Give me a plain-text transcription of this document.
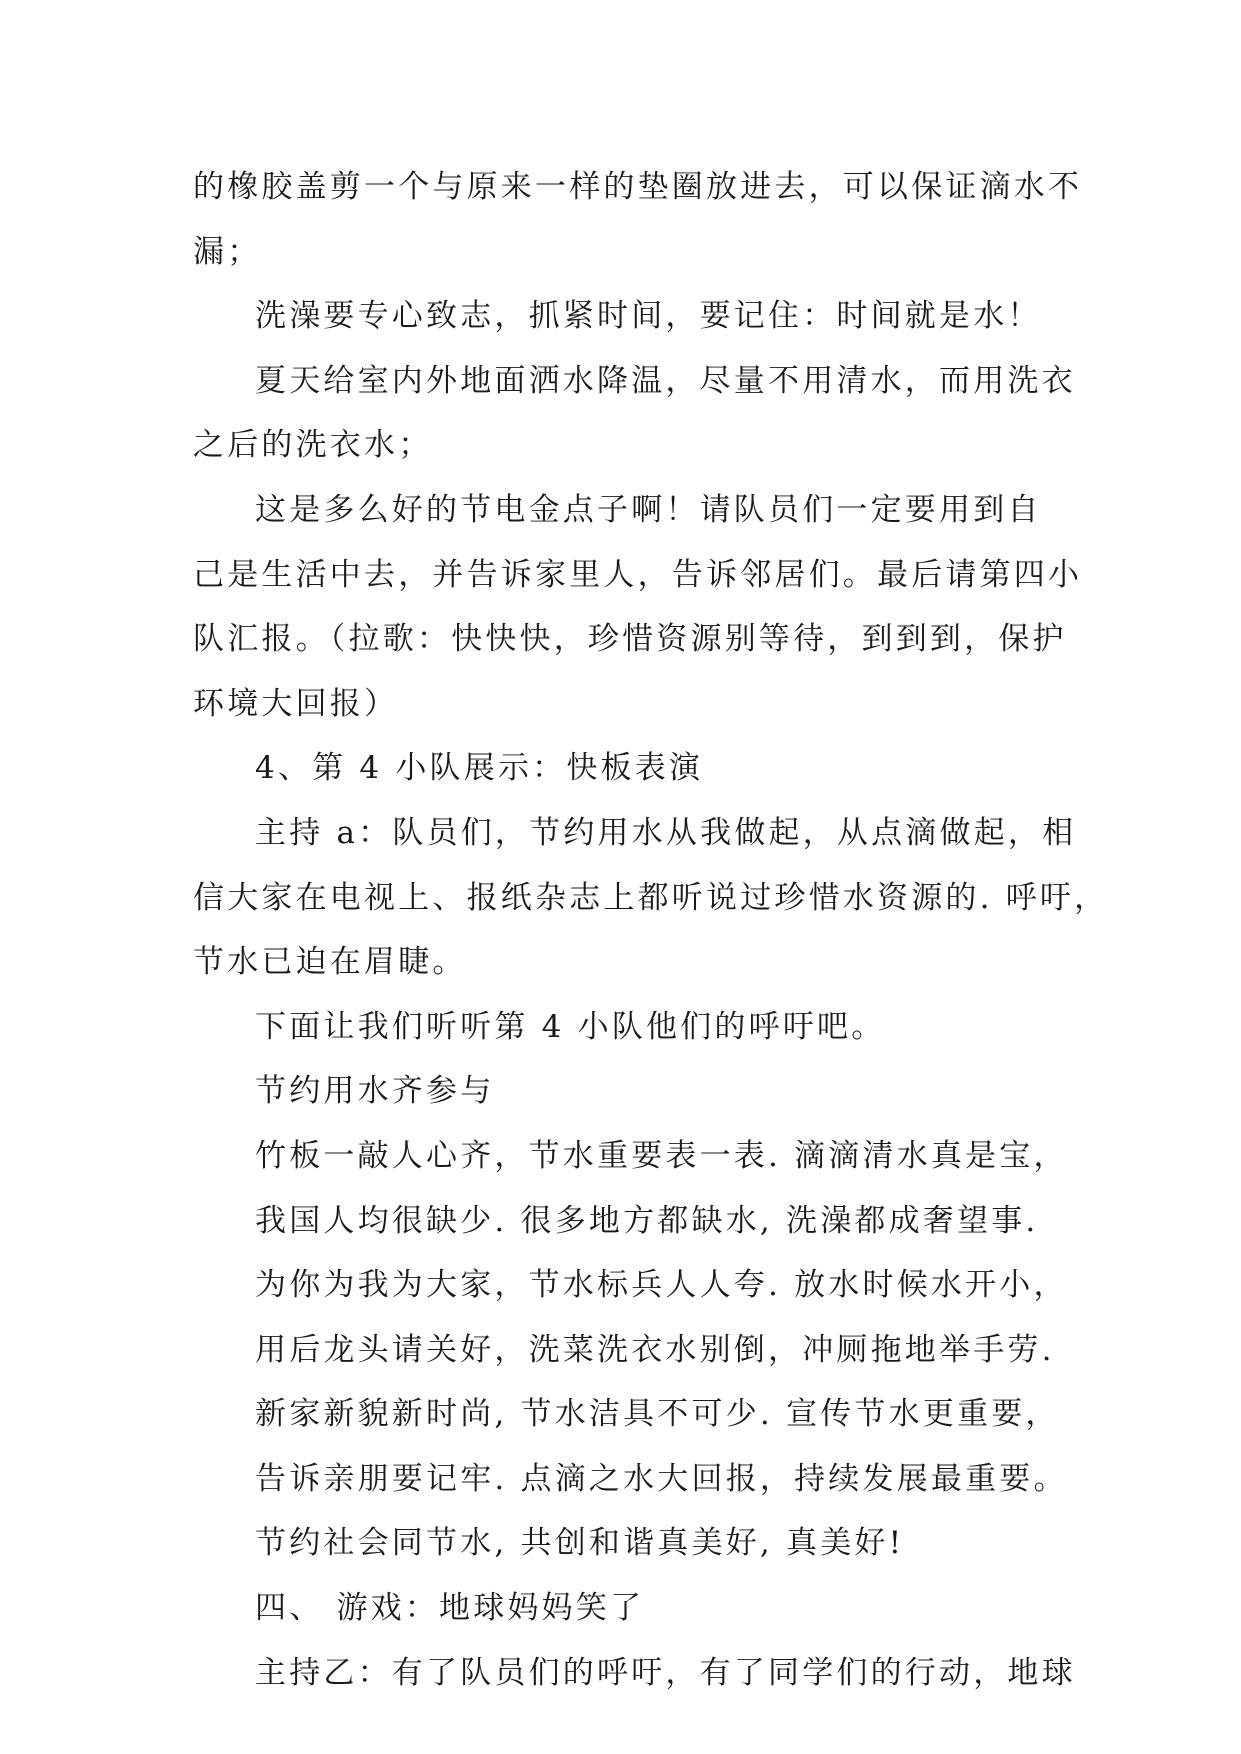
的橡胶盖剪一个与原来一样的垫圈放进去，可以保证滴水不
漏；
洗澡要专心致志，抓紧时间，要记住：时间就是水！
夏天给室内外地面洒水降温，尽量不用清水，而用洗衣
之后的洗衣水；
这是多么好的节电金点子啊！请队员们一定要用到自
己是生活中去，并告诉家里人，告诉邻居们。最后请第四小
队汇报。（拉歌：快快快，珍惜资源别等待，到到到，保护
环境大回报）
4、第 4 小队展示：快板表演
主持 a：队员们，节约用水从我做起，从点滴做起，相
信大家在电视上、报纸杂志上都听说过珍惜水资源的. 呼吁，
节水已迫在眉睫。
下面让我们听听第 4 小队他们的呼吁吧。
节约用水齐参与
竹板一敲人心齐，节水重要表一表. 滴滴清水真是宝，
我国人均很缺少. 很多地方都缺水, 洗澡都成奢望事.
为你为我为大家，节水标兵人人夸. 放水时候水开小，
用后龙头请关好，洗菜洗衣水别倒，冲厕拖地举手劳.
新家新貌新时尚, 节水洁具不可少. 宣传节水更重要，
告诉亲朋要记牢. 点滴之水大回报，持续发展最重要。
节约社会同节水, 共创和谐真美好, 真美好!
四、 游戏：地球妈妈笑了
主持乙：有了队员们的呼吁，有了同学们的行动，地球
